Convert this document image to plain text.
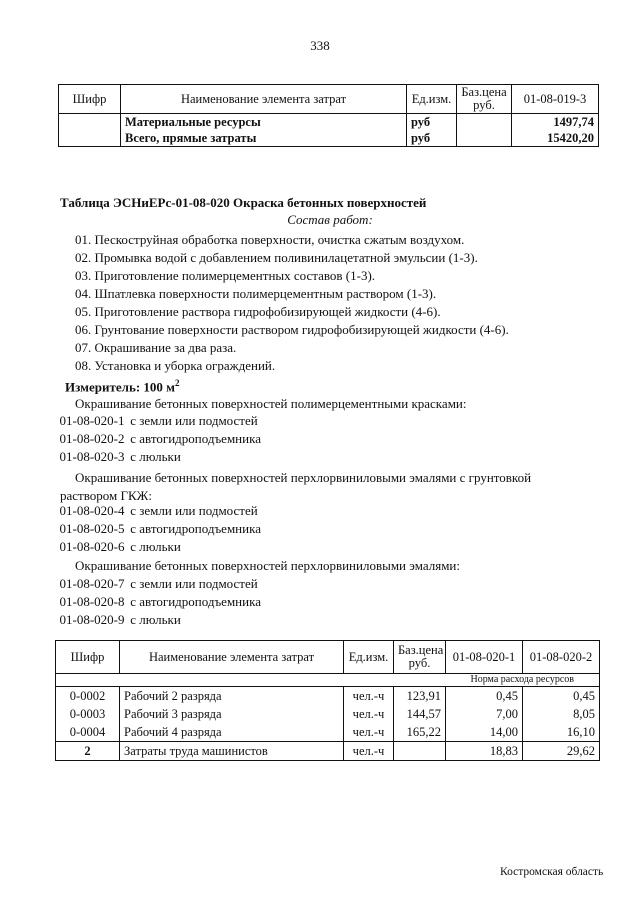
338
Шифр	Наименование элемента затрат	Ед.изм.	Баз.цена руб.	01-08-019-3
	Материальные ресурсы	руб		1497,74
	Всего, прямые затраты	руб		15420,20
Таблица ЭСНиЕРс-01-08-020 Окраска бетонных поверхностей
Состав работ:
01. Пескоструйная обработка поверхности, очистка сжатым воздухом.
02. Промывка водой с добавлением поливинилацетатной эмульсии (1-3).
03. Приготовление полимерцементных составов (1-3).
04. Шпатлевка поверхности полимерцементным раствором (1-3).
05. Приготовление раствора гидрофобизирующей жидкости (4-6).
06. Грунтование поверхности раствором гидрофобизирующей жидкости (4-6).
07. Окрашивание за два раза.
08. Установка и уборка ограждений.
Измеритель: 100 $м^2$
Окрашивание бетонных поверхностей полимерцементными красками:
01-08-020-1 с земли или подмостей
01-08-020-2 с автогидроподъемника
01-08-020-3 с люльки
Окрашивание бетонных поверхностей перхлорвиниловыми эмалями с грунтовкой раствором ГКЖ:
01-08-020-4 с земли или подмостей
01-08-020-5 с автогидроподъемника
01-08-020-6 с люльки
Окрашивание бетонных поверхностей перхлорвиниловыми эмалями:
01-08-020-7 с земли или подмостей
01-08-020-8 с автогидроподъемника
01-08-020-9 с люльки
Шифр	Наименование элемента затрат	Ед.изм.	Баз.цена руб.	01-08-020-1	01-08-020-2
				Норма расхода ресурсов	
0-0002	Рабочий 2 разряда	чел.-ч	123,91	0,45	0,45
0-0003	Рабочий 3 разряда	чел.-ч	144,57	7,00	8,05
0-0004	Рабочий 4 разряда	чел.-ч	165,22	14,00	16,10
2	Затраты труда машинистов	чел.-ч		18,83	29,62
Костромская область
